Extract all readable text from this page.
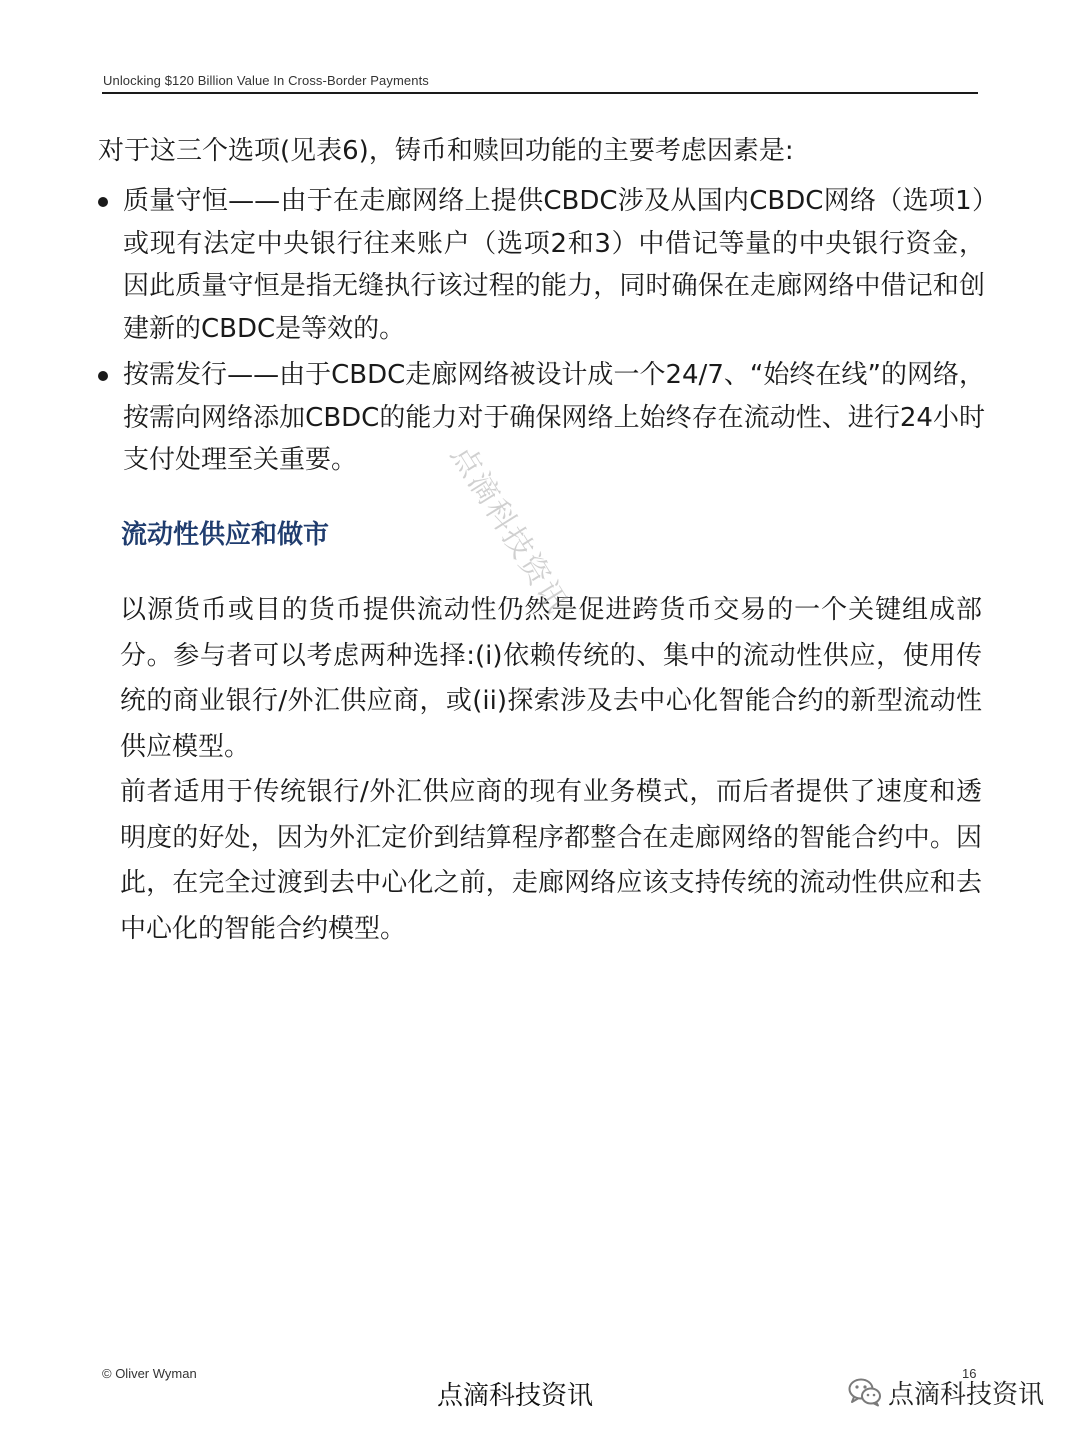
Unlocking $120 Billion Value In Cross-Border Payments
对于这三个选项(见表6)，铸币和赎回功能的主要考虑因素是:
质量守恒——由于在走廊网络上提供CBDC涉及从国内CBDC网络（选项1）或现有法定中央银行往来账户（选项2和3）中借记等量的中央银行资金，因此质量守恒是指无缝执行该过程的能力，同时确保在走廊网络中借记和创建新的CBDC是等效的。
按需发行——由于CBDC走廊网络被设计成一个24/7、“始终在线”的网络，按需向网络添加CBDC的能力对于确保网络上始终存在流动性、进行24小时支付处理至关重要。
流动性供应和做市

以源货币或目的货币提供流动性仍然是促进跨货币交易的一个关键组成部分。参与者可以考虑两种选择:(i)依赖传统的、集中的流动性供应，使用传统的商业银行/外汇供应商，或(ii)探索涉及去中心化智能合约的新型流动性供应模型。

前者适用于传统银行/外汇供应商的现有业务模式，而后者提供了速度和透明度的好处，因为外汇定价到结算程序都整合在走廊网络的智能合约中。因此，在完全过渡到去中心化之前，走廊网络应该支持传统的流动性供应和去中心化的智能合约模型。

点滴科技资讯
© Oliver Wyman	16
点滴科技资讯	点滴科技资讯
